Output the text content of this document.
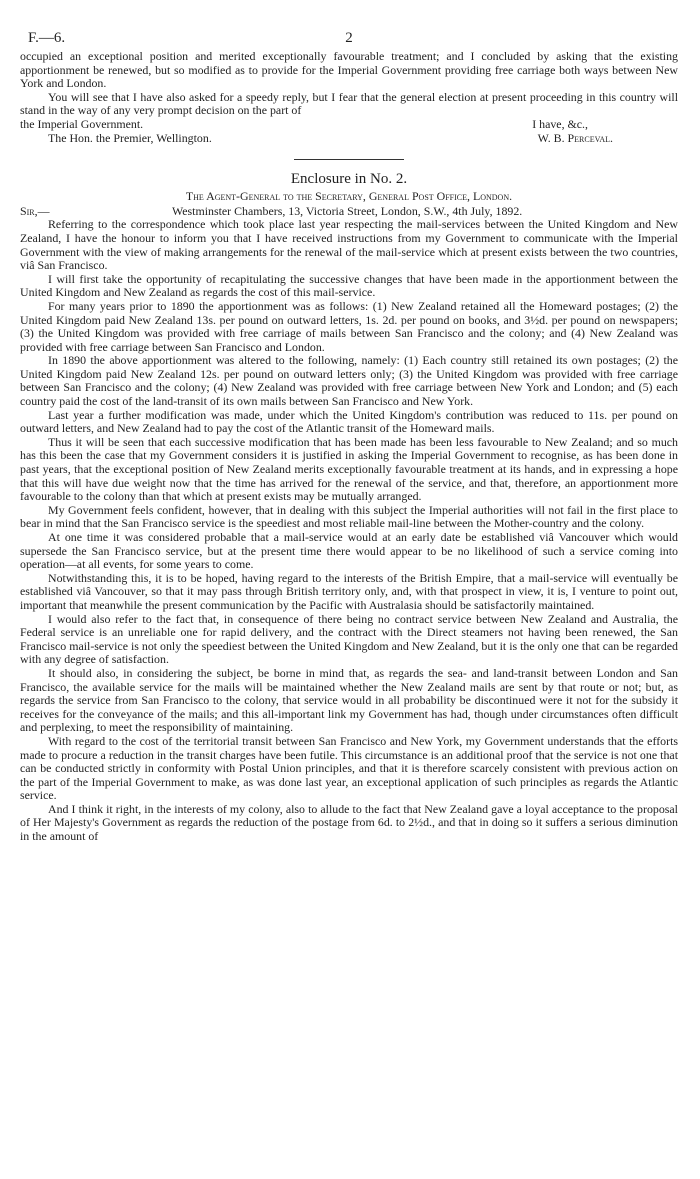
F.—6.	2

occupied an exceptional position and merited exceptionally favourable treatment; and I concluded by asking that the existing apportionment be renewed, but so modified as to provide for the Imperial Government providing free carriage both ways between New York and London.

You will see that I have also asked for a speedy reply, but I fear that the general election at present proceeding in this country will stand in the way of any very prompt decision on the part of

the Imperial Government.	I have, &c.,
The Hon. the Premier, Wellington.	W. B. Perceval.
Enclosure in No. 2.
The Agent-General to the Secretary, General Post Office, London.
Sir,—	Westminster Chambers, 13, Victoria Street, London, S.W., 4th July, 1892.

Referring to the correspondence which took place last year respecting the mail-services between the United Kingdom and New Zealand, I have the honour to inform you that I have received instructions from my Government to communicate with the Imperial Government with the view of making arrangements for the renewal of the mail-service which at present exists between the two countries, viâ San Francisco.

I will first take the opportunity of recapitulating the successive changes that have been made in the apportionment between the United Kingdom and New Zealand as regards the cost of this mail-service.

For many years prior to 1890 the apportionment was as follows: (1) New Zealand retained all the Homeward postages; (2) the United Kingdom paid New Zealand 13s. per pound on outward letters, 1s. 2d. per pound on books, and 3½d. per pound on newspapers; (3) the United Kingdom was provided with free carriage of mails between San Francisco and the colony; and (4) New Zealand was provided with free carriage between San Francisco and London.

In 1890 the above apportionment was altered to the following, namely: (1) Each country still retained its own postages; (2) the United Kingdom paid New Zealand 12s. per pound on outward letters only; (3) the United Kingdom was provided with free carriage between San Francisco and the colony; (4) New Zealand was provided with free carriage between New York and London; and (5) each country paid the cost of the land-transit of its own mails between San Francisco and New York.

Last year a further modification was made, under which the United Kingdom's contribution was reduced to 11s. per pound on outward letters, and New Zealand had to pay the cost of the Atlantic transit of the Homeward mails.

Thus it will be seen that each successive modification that has been made has been less favourable to New Zealand; and so much has this been the case that my Government considers it is justified in asking the Imperial Government to recognise, as has been done in past years, that the exceptional position of New Zealand merits exceptionally favourable treatment at its hands, and in expressing a hope that this will have due weight now that the time has arrived for the renewal of the service, and that, therefore, an apportionment more favourable to the colony than that which at present exists may be mutually arranged.

My Government feels confident, however, that in dealing with this subject the Imperial authorities will not fail in the first place to bear in mind that the San Francisco service is the speediest and most reliable mail-line between the Mother-country and the colony.

At one time it was considered probable that a mail-service would at an early date be established viâ Vancouver which would supersede the San Francisco service, but at the present time there would appear to be no likelihood of such a service coming into operation—at all events, for some years to come.

Notwithstanding this, it is to be hoped, having regard to the interests of the British Empire, that a mail-service will eventually be established viâ Vancouver, so that it may pass through British territory only, and, with that prospect in view, it is, I venture to point out, important that meanwhile the present communication by the Pacific with Australasia should be satisfactorily maintained.

I would also refer to the fact that, in consequence of there being no contract service between New Zealand and Australia, the Federal service is an unreliable one for rapid delivery, and the contract with the Direct steamers not having been renewed, the San Francisco mail-service is not only the speediest between the United Kingdom and New Zealand, but it is the only one that can be regarded with any degree of satisfaction.

It should also, in considering the subject, be borne in mind that, as regards the sea- and land-transit between London and San Francisco, the available service for the mails will be maintained whether the New Zealand mails are sent by that route or not; but, as regards the service from San Francisco to the colony, that service would in all probability be discontinued were it not for the subsidy it receives for the conveyance of the mails; and this all-important link my Government has had, though under circumstances often difficult and perplexing, to meet the responsibility of maintaining.

With regard to the cost of the territorial transit between San Francisco and New York, my Government understands that the efforts made to procure a reduction in the transit charges have been futile. This circumstance is an additional proof that the service is not one that can be conducted strictly in conformity with Postal Union principles, and that it is therefore scarcely consistent with previous action on the part of the Imperial Government to make, as was done last year, an exceptional application of such principles as regards the Atlantic service.

And I think it right, in the interests of my colony, also to allude to the fact that New Zealand gave a loyal acceptance to the proposal of Her Majesty's Government as regards the reduction of the postage from 6d. to 2½d., and that in doing so it suffers a serious diminution in the amount of
